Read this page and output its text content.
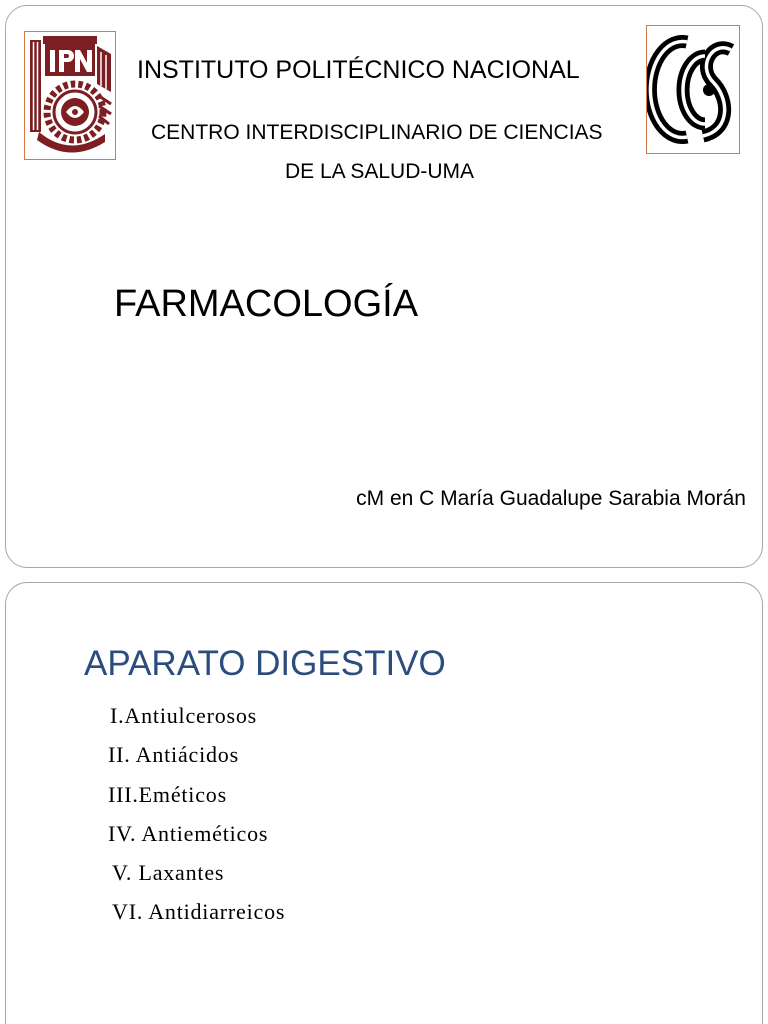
INSTITUTO POLITÉCNICO NACIONAL

CENTRO INTERDISCIPLINARIO DE CIENCIAS

DE LA SALUD-UMA

FARMACOLOGÍA

cM en C María Guadalupe Sarabia Morán

APARATO DIGESTIVO
I.Antiulcerosos
II. Antiácidos
III.Eméticos
IV. Antieméticos
V. Laxantes
VI. Antidiarreicos
